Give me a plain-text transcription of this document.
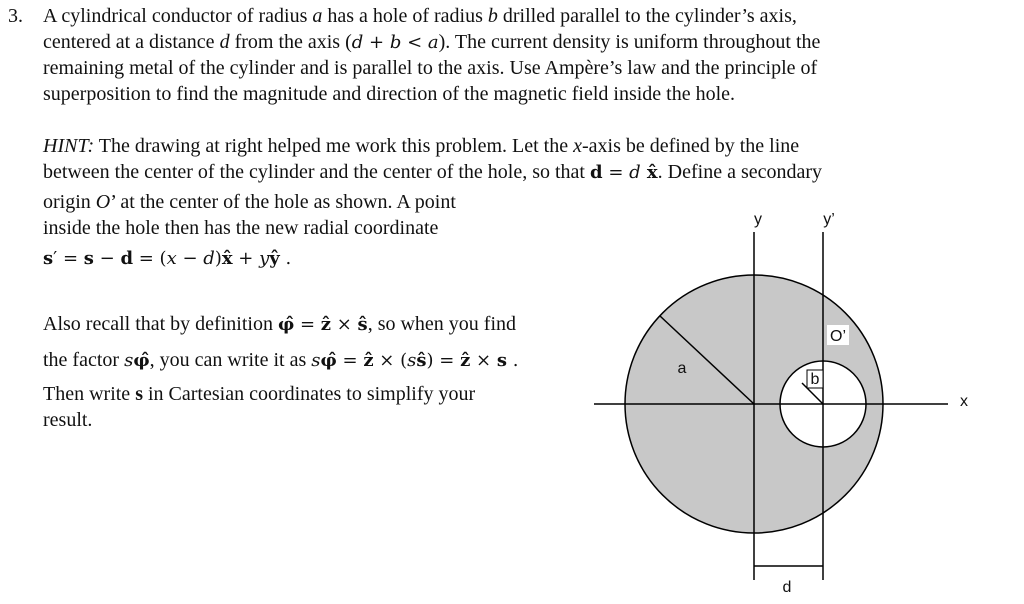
3. A cylindrical conductor of radius a has a hole of radius b drilled parallel to the cylinder’s axis,
centered at a distance d from the axis (d + b < a). The current density is uniform throughout the
remaining metal of the cylinder and is parallel to the axis. Use Ampère’s law and the principle of
superposition to find the magnitude and direction of the magnetic field inside the hole.
HINT: The drawing at right helped me work this problem. Let the x-axis be defined by the line
between the center of the cylinder and the center of the hole, so that d = d x̂. Define a secondary
origin O’ at the center of the hole as shown. A point
inside the hole then has the new radial coordinate
s′ = s − d = (x − d)x̂ + yŷ .
Also recall that by definition φ̂ = ẑ × ŝ, so when you find
the factor sφ̂, you can write it as sφ̂ = ẑ × (sŝ) = ẑ × s .
Then write s in Cartesian coordinates to simplify your
result.
y	y’
x
a
b
O’
d
